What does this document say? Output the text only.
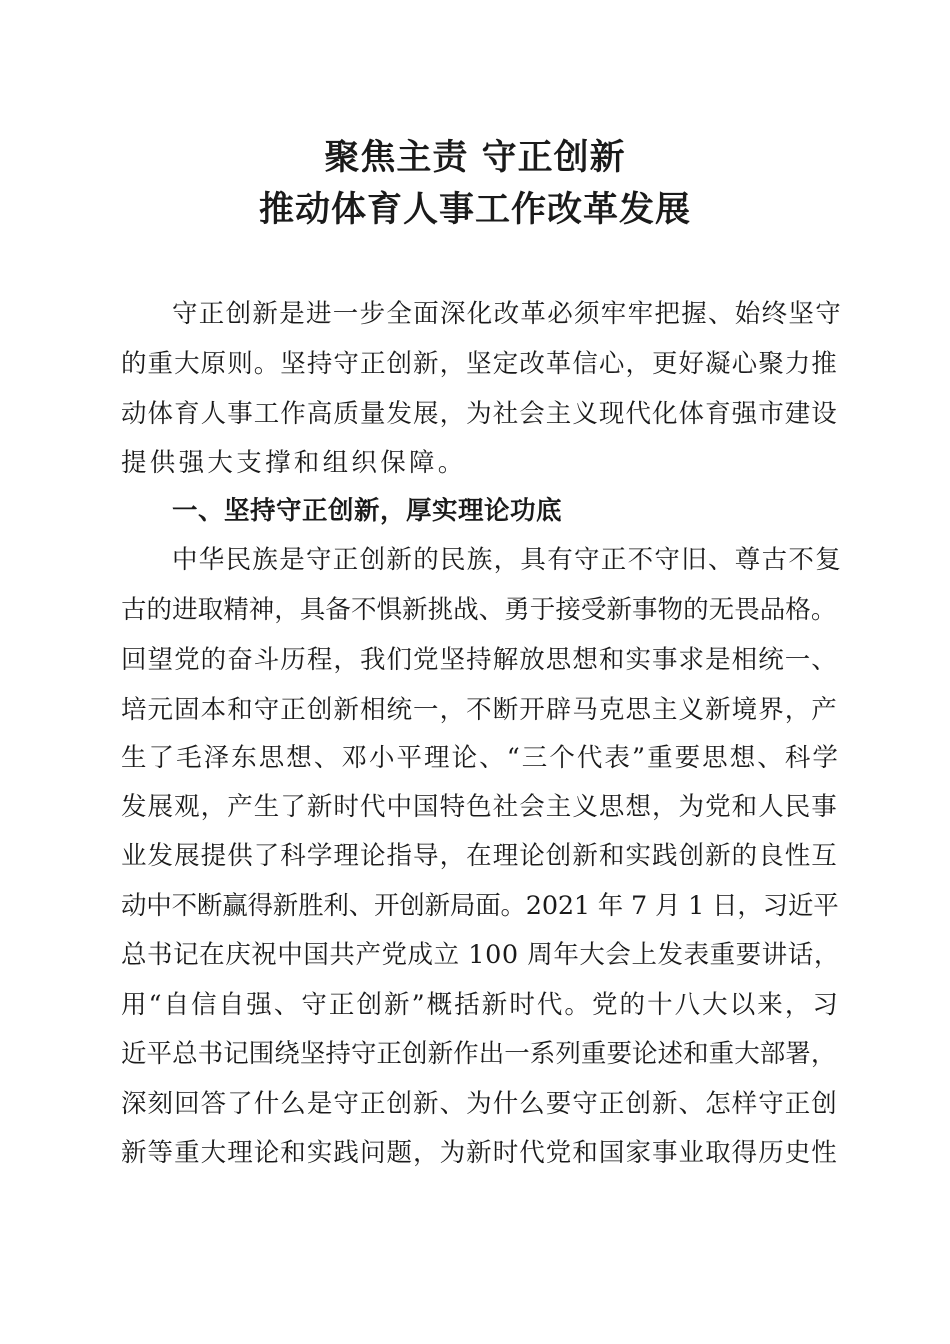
聚焦主责 守正创新
推动体育人事工作改革发展
守正创新是进一步全面深化改革必须牢牢把握、始终坚守
的重大原则。坚持守正创新，坚定改革信心，更好凝心聚力推
动体育人事工作高质量发展，为社会主义现代化体育强市建设
提供强大支撑和组织保障。
一、坚持守正创新，厚实理论功底
中华民族是守正创新的民族，具有守正不守旧、尊古不复
古的进取精神，具备不惧新挑战、勇于接受新事物的无畏品格。
回望党的奋斗历程，我们党坚持解放思想和实事求是相统一、
培元固本和守正创新相统一，不断开辟马克思主义新境界，产
生了毛泽东思想、邓小平理论、“三个代表”重要思想、科学
发展观，产生了新时代中国特色社会主义思想，为党和人民事
业发展提供了科学理论指导，在理论创新和实践创新的良性互
动中不断赢得新胜利、开创新局面。2021 年 7 月 1 日，习近平
总书记在庆祝中国共产党成立 100 周年大会上发表重要讲话，
用“自信自强、守正创新”概括新时代。党的十八大以来，习
近平总书记围绕坚持守正创新作出一系列重要论述和重大部署，
深刻回答了什么是守正创新、为什么要守正创新、怎样守正创
新等重大理论和实践问题，为新时代党和国家事业取得历史性
